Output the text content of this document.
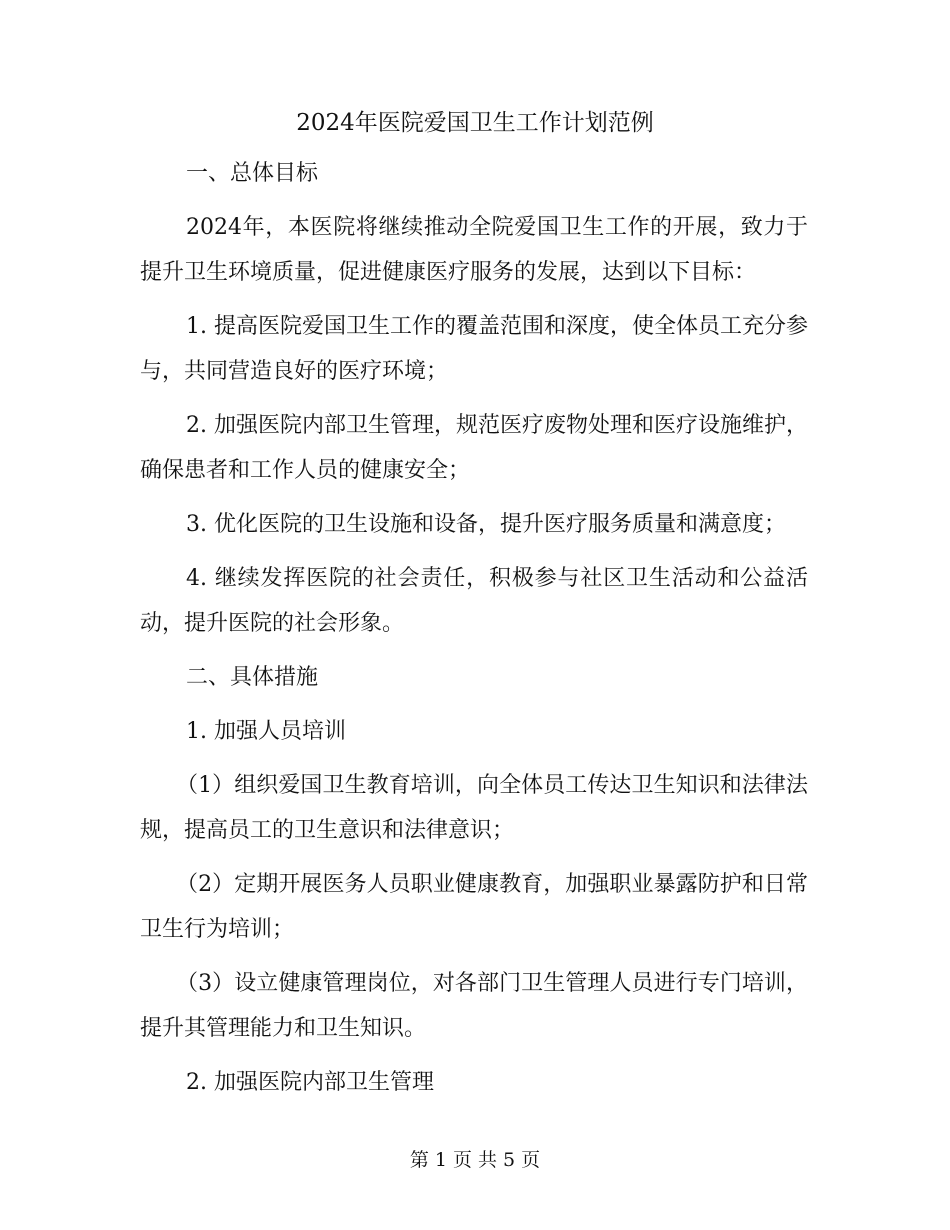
2024年医院爱国卫生工作计划范例

一、总体目标

2024年，本医院将继续推动全院爱国卫生工作的开展，致力于提升卫生环境质量，促进健康医疗服务的发展，达到以下目标：

1. 提高医院爱国卫生工作的覆盖范围和深度，使全体员工充分参与，共同营造良好的医疗环境；

2. 加强医院内部卫生管理，规范医疗废物处理和医疗设施维护，确保患者和工作人员的健康安全；

3. 优化医院的卫生设施和设备，提升医疗服务质量和满意度；

4. 继续发挥医院的社会责任，积极参与社区卫生活动和公益活动，提升医院的社会形象。

二、具体措施

1. 加强人员培训

（1）组织爱国卫生教育培训，向全体员工传达卫生知识和法律法规，提高员工的卫生意识和法律意识；

（2）定期开展医务人员职业健康教育，加强职业暴露防护和日常卫生行为培训；

（3）设立健康管理岗位，对各部门卫生管理人员进行专门培训，提升其管理能力和卫生知识。

2. 加强医院内部卫生管理

第 1 页 共 5 页
